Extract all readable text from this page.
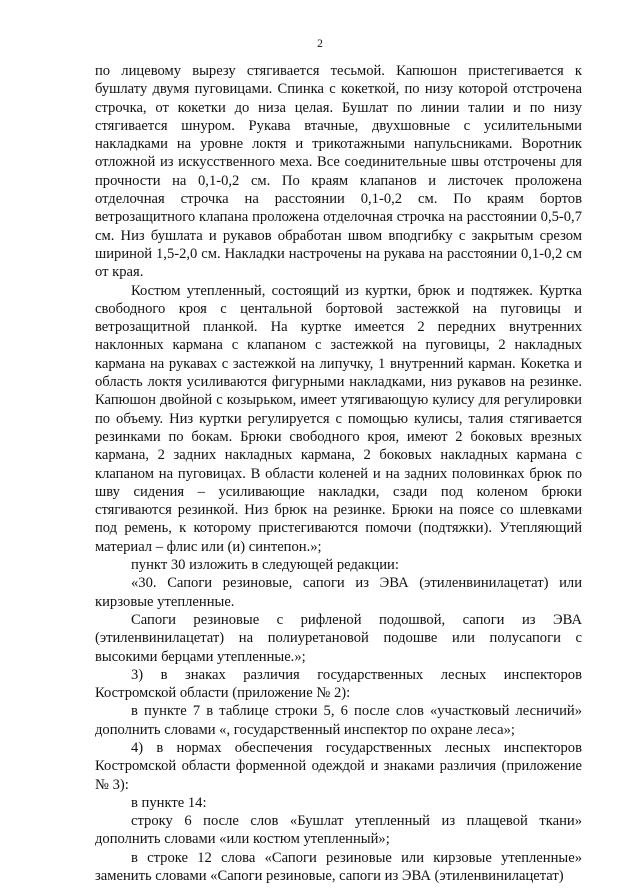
2

по лицевому вырезу стягивается тесьмой. Капюшон пристегивается к бушлату двумя пуговицами. Спинка с кокеткой, по низу которой отстрочена строчка, от кокетки до низа целая. Бушлат по линии талии и по низу стягивается шнуром. Рукава втачные, двухшовные с усилительными накладками на уровне локтя и трикотажными напульсниками. Воротник отложной из искусственного меха. Все соединительные швы отстрочены для прочности на 0,1-0,2 см. По краям клапанов и листочек проложена отделочная строчка на расстоянии 0,1-0,2 см. По краям бортов ветрозащитного клапана проложена отделочная строчка на расстоянии 0,5-0,7 см. Низ бушлата и рукавов обработан швом вподгибку с закрытым срезом шириной 1,5-2,0 см. Накладки настрочены на рукава на расстоянии 0,1-0,2 см от края.

Костюм утепленный, состоящий из куртки, брюк и подтяжек. Куртка свободного кроя с центальной бортовой застежкой на пуговицы и ветрозащитной планкой. На куртке имеется 2 передних внутренних наклонных кармана с клапаном с застежкой на пуговицы, 2 накладных кармана на рукавах с застежкой на липучку, 1 внутренний карман. Кокетка и область локтя усиливаются фигурными накладками, низ рукавов на резинке. Капюшон двойной с козырьком, имеет утягивающую кулису для регулировки по объему. Низ куртки регулируется с помощью кулисы, талия стягивается резинками по бокам. Брюки свободного кроя, имеют 2 боковых врезных кармана, 2 задних накладных кармана, 2 боковых накладных кармана с клапаном на пуговицах. В области коленей и на задних половинках брюк по шву сидения – усиливающие накладки, сзади под коленом брюки стягиваются резинкой. Низ брюк на резинке. Брюки на поясе со шлевками под ремень, к которому пристегиваются помочи (подтяжки). Утепляющий материал – флис или (и) синтепон.»;

пункт 30 изложить в следующей редакции:

«30. Сапоги резиновые, сапоги из ЭВА (этиленвинилацетат) или кирзовые утепленные.

Сапоги резиновые с рифленой подошвой, сапоги из ЭВА (этиленвинилацетат) на полиуретановой подошве или полусапоги с высокими берцами утепленные.»;

3) в знаках различия государственных лесных инспекторов Костромской области (приложение № 2):

в пункте 7 в таблице строки 5, 6 после слов «участковый лесничий» дополнить словами «, государственный инспектор по охране леса»;

4) в нормах обеспечения государственных лесных инспекторов Костромской области форменной одеждой и знаками различия (приложение № 3):

в пункте 14:

строку 6 после слов «Бушлат утепленный из плащевой ткани» дополнить словами «или костюм утепленный»;

в строке 12 слова «Сапоги резиновые или кирзовые утепленные» заменить словами «Сапоги резиновые, сапоги из ЭВА (этиленвинилацетат)
